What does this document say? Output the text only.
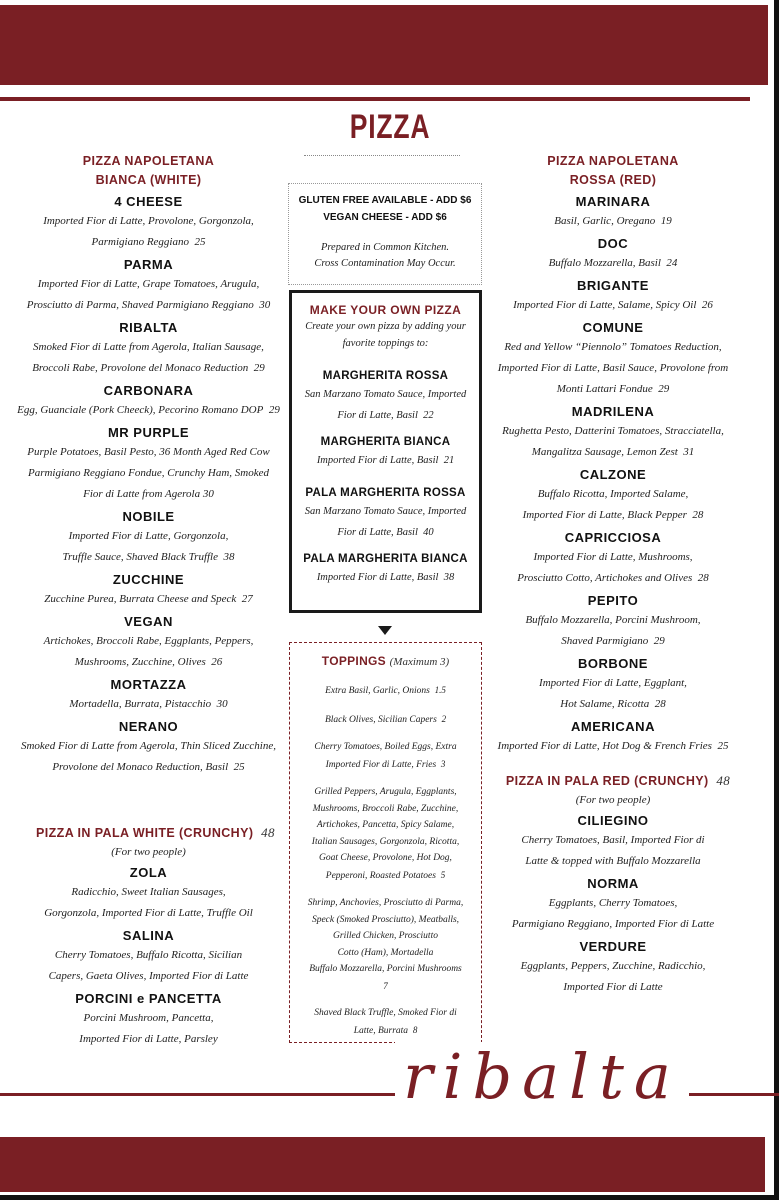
PIZZA
PIZZA NAPOLETANA
BIANCA (WHITE)
4 CHEESE
Imported Fior di Latte, Provolone, Gorgonzola,
Parmigiano Reggiano 25
PARMA
Imported Fior di Latte, Grape Tomatoes, Arugula,
Prosciutto di Parma, Shaved Parmigiano Reggiano 30
RIBALTA
Smoked Fior di Latte from Agerola, Italian Sausage,
Broccoli Rabe, Provolone del Monaco Reduction 29
CARBONARA
Egg, Guanciale (Pork Cheeck), Pecorino Romano DOP 29
MR PURPLE
Purple Potatoes, Basil Pesto, 36 Month Aged Red Cow
Parmigiano Reggiano Fondue, Crunchy Ham, Smoked
Fior di Latte from Agerola 30
NOBILE
Imported Fior di Latte, Gorgonzola,
Truffle Sauce, Shaved Black Truffle 38
ZUCCHINE
Zucchine Purea, Burrata Cheese and Speck 27
VEGAN
Artichokes, Broccoli Rabe, Eggplants, Peppers,
Mushrooms, Zucchine, Olives 26
MORTAZZA
Mortadella, Burrata, Pistacchio 30
NERANO
Smoked Fior di Latte from Agerola, Thin Sliced Zucchine,
Provolone del Monaco Reduction, Basil 25
PIZZA IN PALA WHITE (CRUNCHY) 48
(For two people)
ZOLA
Radicchio, Sweet Italian Sausages,
Gorgonzola, Imported Fior di Latte, Truffle Oil
SALINA
Cherry Tomatoes, Buffalo Ricotta, Sicilian
Capers, Gaeta Olives, Imported Fior di Latte
PORCINI e PANCETTA
Porcini Mushroom, Pancetta,
Imported Fior di Latte, Parsley
GLUTEN FREE AVAILABLE - ADD $6
VEGAN CHEESE - ADD $6
Prepared in Common Kitchen.
Cross Contamination May Occur.
MAKE YOUR OWN PIZZA
Create your own pizza by adding your
favorite toppings to:
MARGHERITA ROSSA
San Marzano Tomato Sauce, Imported
Fior di Latte, Basil 22
MARGHERITA BIANCA
Imported Fior di Latte, Basil 21
PALA MARGHERITA ROSSA
San Marzano Tomato Sauce, Imported
Fior di Latte, Basil 40
PALA MARGHERITA BIANCA
Imported Fior di Latte, Basil 38
TOPPINGS (Maximum 3)
Extra Basil, Garlic, Onions 1.5
Black Olives, Sicilian Capers 2
Cherry Tomatoes, Boiled Eggs, Extra
Imported Fior di Latte, Fries 3
Grilled Peppers, Arugula, Eggplants,
Mushrooms, Broccoli Rabe, Zucchine,
Artichokes, Pancetta, Spicy Salame,
Italian Sausages, Gorgonzola, Ricotta,
Goat Cheese, Provolone, Hot Dog,
Pepperoni, Roasted Potatoes 5
Shrimp, Anchovies, Prosciutto di Parma,
Speck (Smoked Prosciutto), Meatballs,
Grilled Chicken, Prosciutto
Cotto (Ham), Mortadella
Buffalo Mozzarella, Porcini Mushrooms
7
Shaved Black Truffle, Smoked Fior di
Latte, Burrata 8
PIZZA NAPOLETANA
ROSSA (RED)
MARINARA
Basil, Garlic, Oregano 19
DOC
Buffalo Mozzarella, Basil 24
BRIGANTE
Imported Fior di Latte, Salame, Spicy Oil 26
COMUNE
Red and Yellow “Piennolo” Tomatoes Reduction,
Imported Fior di Latte, Basil Sauce, Provolone from
Monti Lattari Fondue 29
MADRILENA
Rughetta Pesto, Datterini Tomatoes, Stracciatella,
Mangalitza Sausage, Lemon Zest 31
CALZONE
Buffalo Ricotta, Imported Salame,
Imported Fior di Latte, Black Pepper 28
CAPRICCIOSA
Imported Fior di Latte, Mushrooms,
Prosciutto Cotto, Artichokes and Olives 28
PEPITO
Buffalo Mozzarella, Porcini Mushroom,
Shaved Parmigiano 29
BORBONE
Imported Fior di Latte, Eggplant,
Hot Salame, Ricotta 28
AMERICANA
Imported Fior di Latte, Hot Dog & French Fries 25
PIZZA IN PALA RED (CRUNCHY) 48
(For two people)
CILIEGINO
Cherry Tomatoes, Basil, Imported Fior di
Latte & topped with Buffalo Mozzarella
NORMA
Eggplants, Cherry Tomatoes,
Parmigiano Reggiano, Imported Fior di Latte
VERDURE
Eggplants, Peppers, Zucchine, Radicchio,
Imported Fior di Latte
ribalta
